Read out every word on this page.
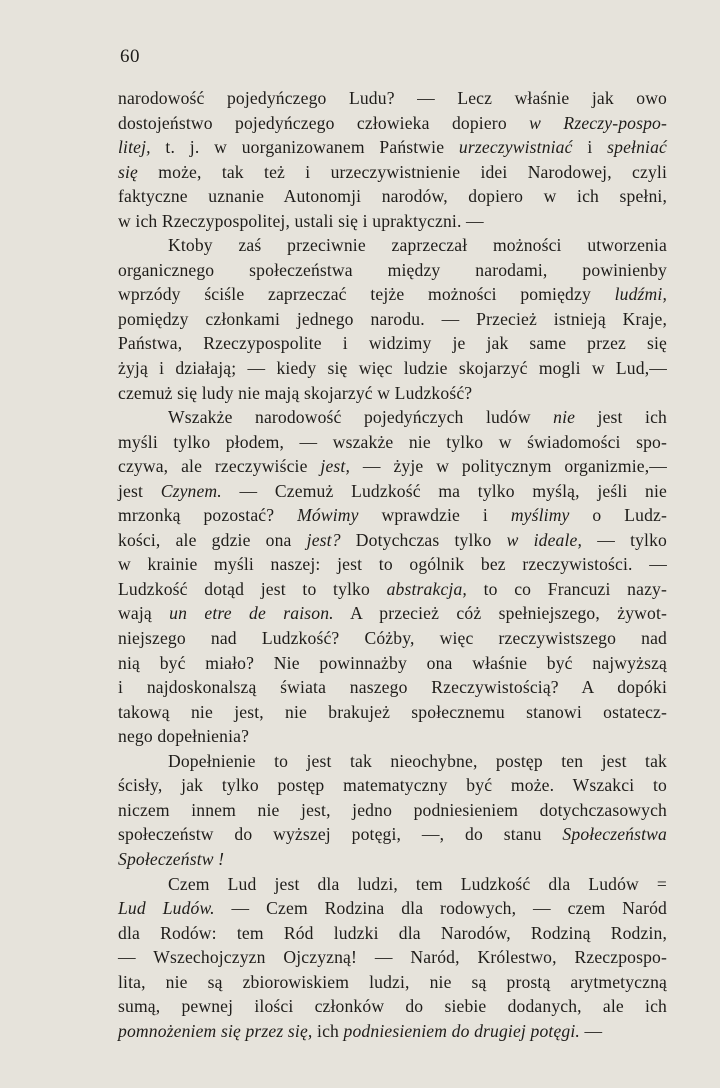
60
narodowość pojedyńczego Ludu? — Lecz właśnie jak owo
dostojeństwo pojedyńczego człowieka dopiero w Rzeczy-pospo-
litej, t. j. w uorganizowanem Państwie urzeczywistniać i spełniać
się może, tak też i urzeczywistnienie idei Narodowej, czyli
faktyczne uznanie Autonomji narodów, dopiero w ich spełni,
w ich Rzeczypospolitej, ustali się i upraktyczni. —
Ktoby zaś przeciwnie zaprzeczał możności utworzenia
organicznego społeczeństwa między narodami, powinienby
wprzódy ściśle zaprzeczać tejże możności pomiędzy ludźmi,
pomiędzy członkami jednego narodu. — Przecież istnieją Kraje,
Państwa, Rzeczypospolite i widzimy je jak same przez się
żyją i działają; — kiedy się więc ludzie skojarzyć mogli w Lud,—
czemuż się ludy nie mają skojarzyć w Ludzkość?
Wszakże narodowość pojedyńczych ludów nie jest ich
myśli tylko płodem, — wszakże nie tylko w świadomości spo-
czywa, ale rzeczywiście jest, — żyje w politycznym organizmie,—
jest Czynem. — Czemuż Ludzkość ma tylko myślą, jeśli nie
mrzonką pozostać? Mówimy wprawdzie i myślimy o Ludz-
kości, ale gdzie ona jest? Dotychczas tylko w ideale, — tylko
w krainie myśli naszej: jest to ogólnik bez rzeczywistości. —
Ludzkość dotąd jest to tylko abstrakcja, to co Francuzi nazy-
wają un etre de raison. A przecież cóż spełniejszego, żywot-
niejszego nad Ludzkość? Cóżby, więc rzeczywistszego nad
nią być miało? Nie powinnażby ona właśnie być najwyższą
i najdoskonalszą świata naszego Rzeczywistością? A dopóki
takową nie jest, nie brakujeż społecznemu stanowi ostatecz-
nego dopełnienia?
Dopełnienie to jest tak nieochybne, postęp ten jest tak
ścisły, jak tylko postęp matematyczny być może. Wszakci to
niczem innem nie jest, jedno podniesieniem dotychczasowych
społeczeństw do wyższej potęgi, —, do stanu Społeczeństwa
Społeczeństw !
Czem Lud jest dla ludzi, tem Ludzkość dla Ludów =
Lud Ludów. — Czem Rodzina dla rodowych, — czem Naród
dla Rodów: tem Ród ludzki dla Narodów, Rodziną Rodzin,
— Wszechojczyzn Ojczyzną! — Naród, Królestwo, Rzeczpospo-
lita, nie są zbiorowiskiem ludzi, nie są prostą arytmetyczną
sumą, pewnej ilości członków do siebie dodanych, ale ich
pomnożeniem się przez się, ich podniesieniem do drugiej potęgi. —
